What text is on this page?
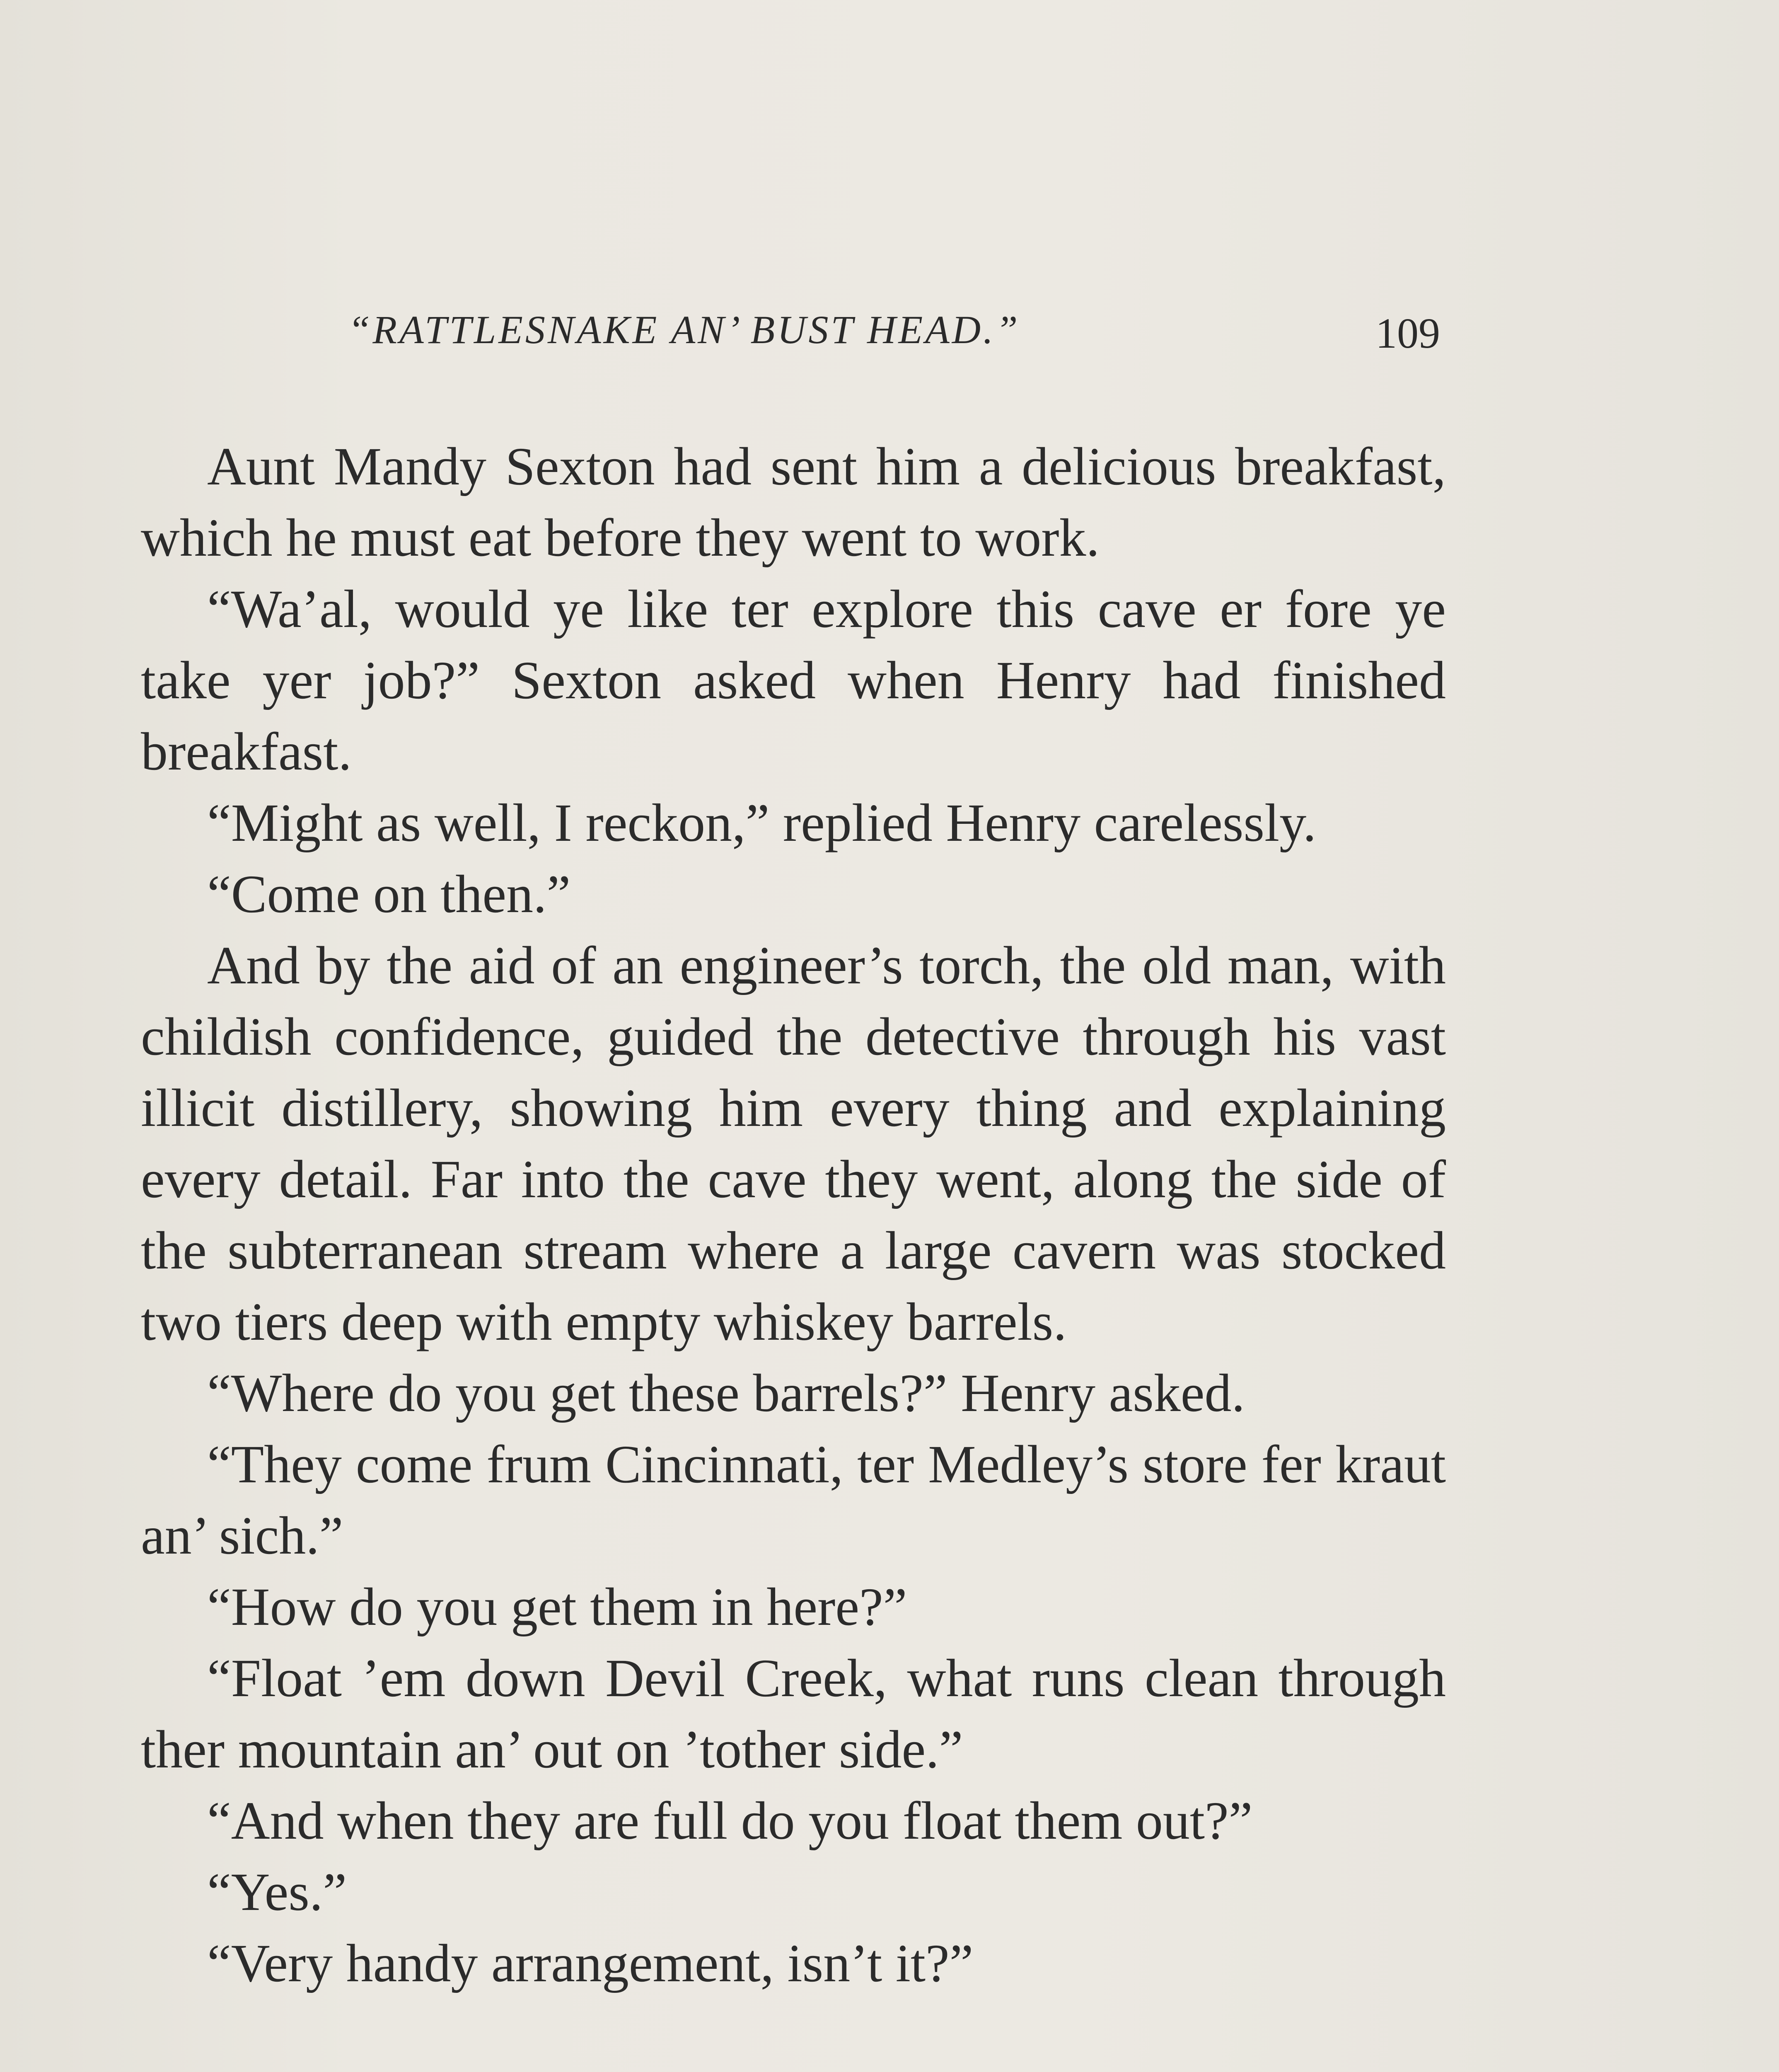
“RATTLESNAKE AN’ BUST HEAD.”	109

Aunt Mandy Sexton had sent him a delicious breakfast, which he must eat before they went to work.

“Wa’al, would ye like ter explore this cave er fore ye take yer job?” Sexton asked when Henry had finished breakfast.

“Might as well, I reckon,” replied Henry carelessly.

“Come on then.”

And by the aid of an engineer’s torch, the old man, with childish confidence, guided the detective through his vast illicit distillery, showing him every thing and explaining every detail. Far into the cave they went, along the side of the subterranean stream where a large cavern was stocked two tiers deep with empty whiskey barrels.

“Where do you get these barrels?” Henry asked.

“They come frum Cincinnati, ter Medley’s store fer kraut an’ sich.”

“How do you get them in here?”

“Float ’em down Devil Creek, what runs clean through ther mountain an’ out on ’tother side.”

“And when they are full do you float them out?”

“Yes.”

“Very handy arrangement, isn’t it?”
